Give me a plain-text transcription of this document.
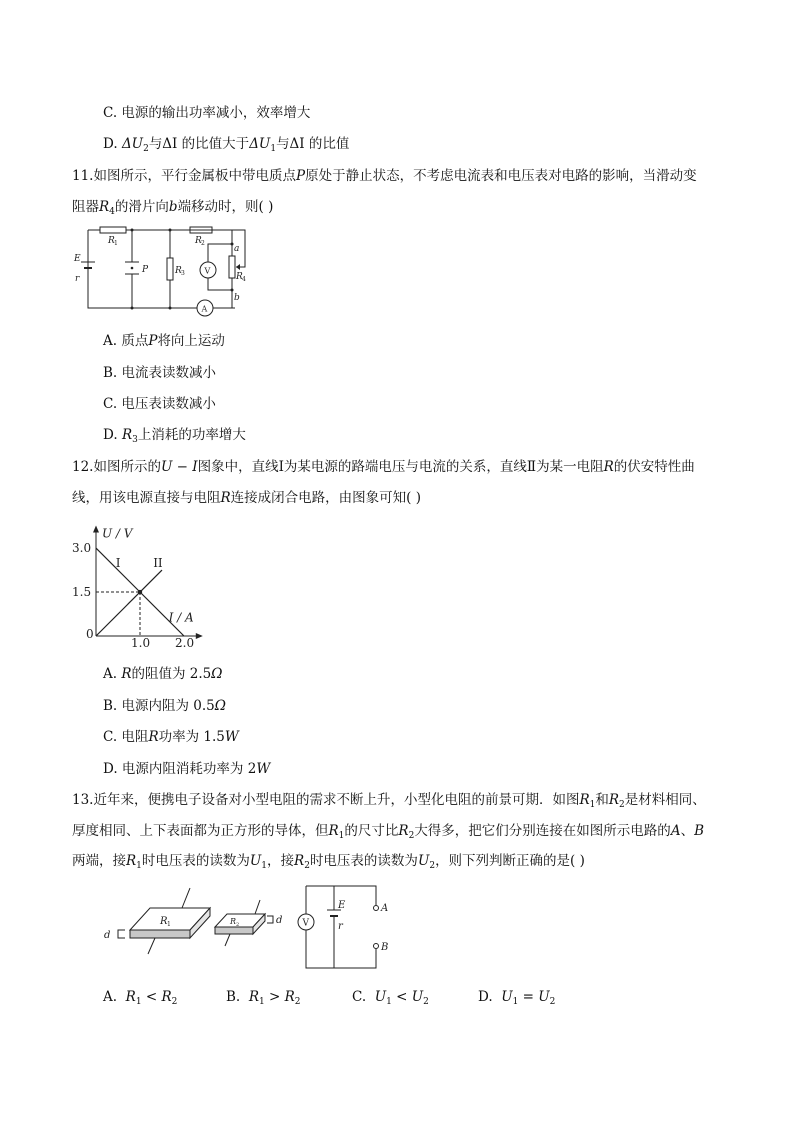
C. 电源的输出功率减小，效率增大
D. $\Delta U_2$与ΔI 的比值大于$\Delta U_1$与ΔI 的比值
11.如图所示，平行金属板中带电质点P原处于静止状态，不考虑电流表和电压表对电路的影响，当滑动变
阻器$R_4$的滑片向b端移动时，则( )
E
r
R 1
P	R 3
R 2
V
R 4
a
b
A
A. 质点P将向上运动
B. 电流表读数减小
C. 电压表读数减小
D. $R_3$上消耗的功率增大
12.如图所示的U − I图象中，直线Ⅰ为某电源的路端电压与电流的关系，直线Ⅱ为某一电阻R的伏安特性曲
线，用该电源直接与电阻R连接成闭合电路，由图象可知( )
U / V
I / A
3.0
1.5
1.0 2.0
0
I	II
A. R的阻值为 2.5Ω
B. 电源内阻为 0.5Ω
C. 电阻R功率为 1.5W
D. 电源内阻消耗功率为 2W
13.近年来，便携电子设备对小型电阻的需求不断上升，小型化电阻的前景可期．如图$R_1$和$R_2$是材料相同、
厚度相同、上下表面都为正方形的导体，但$R_1$的尺寸比$R_2$大得多，把它们分别连接在如图所示电路的A、B
两端，接$R_1$时电压表的读数为$U_1$，接$R_2$时电压表的读数为$U_2$，则下列判断正确的是( )
d
R 1	R 2	d V
E
r
A
B
A. $R_1 < R_2$	B. $R_1 > R_2$	C. $U_1 < U_2$	D. $U_1 = U_2$
